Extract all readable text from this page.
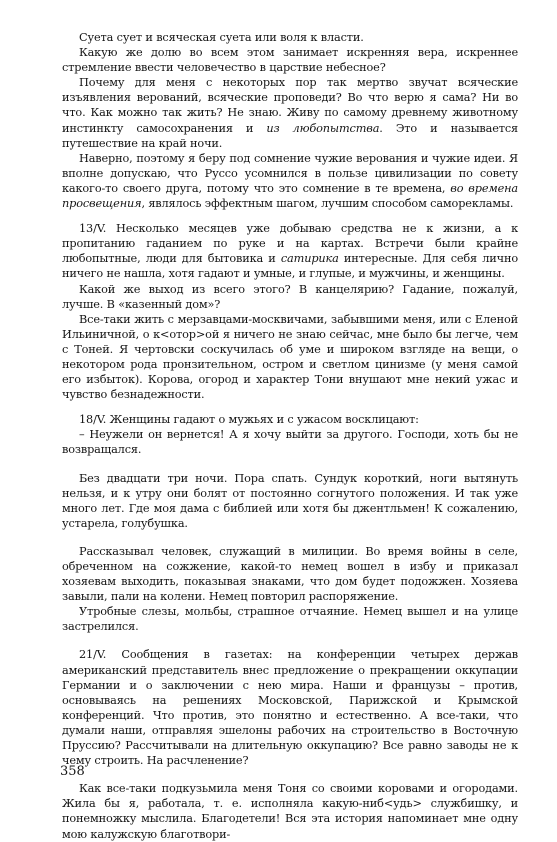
Суета сует и всяческая суета или воля к власти.

Какую же долю во всем этом занимает искренняя вера, искреннее стремление ввести человечество в царствие небесное?

Почему для меня с некоторых пор так мертво звучат всяческие изъявления верований, всяческие проповеди? Во что верю я сама? Ни во что. Как можно так жить? Не знаю. Живу по самому древнему животному инстинкту самосохранения и из любопытства. Это и называется путешествие на край ночи.

Наверно, поэтому я беру под сомнение чужие верования и чужие идеи. Я вполне допускаю, что Руссо усомнился в пользе цивилизации по совету какого-то своего друга, потому что это сомнение в те времена, во времена просвещения, являлось эффектным шагом, лучшим способом саморекламы.

13/V. Несколько месяцев уже добываю средства не к жизни, а к пропитанию гаданием по руке и на картах. Встречи были крайне любопытные, люди для бытовика и сатирика интересные. Для себя лично ничего не нашла, хотя гадают и умные, и глупые, и мужчины, и женщины.

Какой же выход из всего этого? В канцелярию? Гадание, пожалуй, лучше. В «казенный дом»?

Все-таки жить с мерзавцами-москвичами, забывшими меня, или с Еленой Ильиничной, о к<отор>ой я ничего не знаю сейчас, мне было бы легче, чем с Тоней. Я чертовски соскучилась об уме и широком взгляде на вещи, о некотором рода пронзительном, остром и светлом цинизме (у меня самой его избыток). Корова, огород и характер Тони внушают мне некий ужас и чувство безнадежности.

18/V. Женщины гадают о мужьях и с ужасом восклицают:

– Неужели он вернется! А я хочу выйти за другого. Господи, хоть бы не возвращался.

Без двадцати три ночи. Пора спать. Сундук короткий, ноги вытянуть нельзя, и к утру они болят от постоянно согнутого положения. И так уже много лет. Где моя дама с библией или хотя бы джентльмен! К сожалению, устарела, голубушка.

Рассказывал человек, служащий в милиции. Во время войны в селе, обреченном на сожжение, какой-то немец вошел в избу и приказал хозяевам выходить, показывая знаками, что дом будет подожжен. Хозяева завыли, пали на колени. Немец повторил распоряжение.

Утробные слезы, мольбы, страшное отчаяние. Немец вышел и на улице застрелился.

21/V. Сообщения в газетах: на конференции четырех держав американский представитель внес предложение о прекращении оккупации Германии и о заключении с нею мира. Наши и французы – против, основываясь на решениях Московской, Парижской и Крымской конференций. Что против, это понятно и естественно. А все-таки, что думали наши, отправляя эшелоны рабочих на строительство в Восточную Пруссию? Рассчитывали на длительную оккупацию? Все равно заводы не к чему строить. На расчленение?

Как все-таки подкузьмила меня Тоня со своими коровами и огородами. Жила бы я, работала, т. е. исполняла какую-ниб<удь> службишку, и понемножку мыслила. Благодетели! Вся эта история напоминает мне одну мою калужскую благотвори-

358
